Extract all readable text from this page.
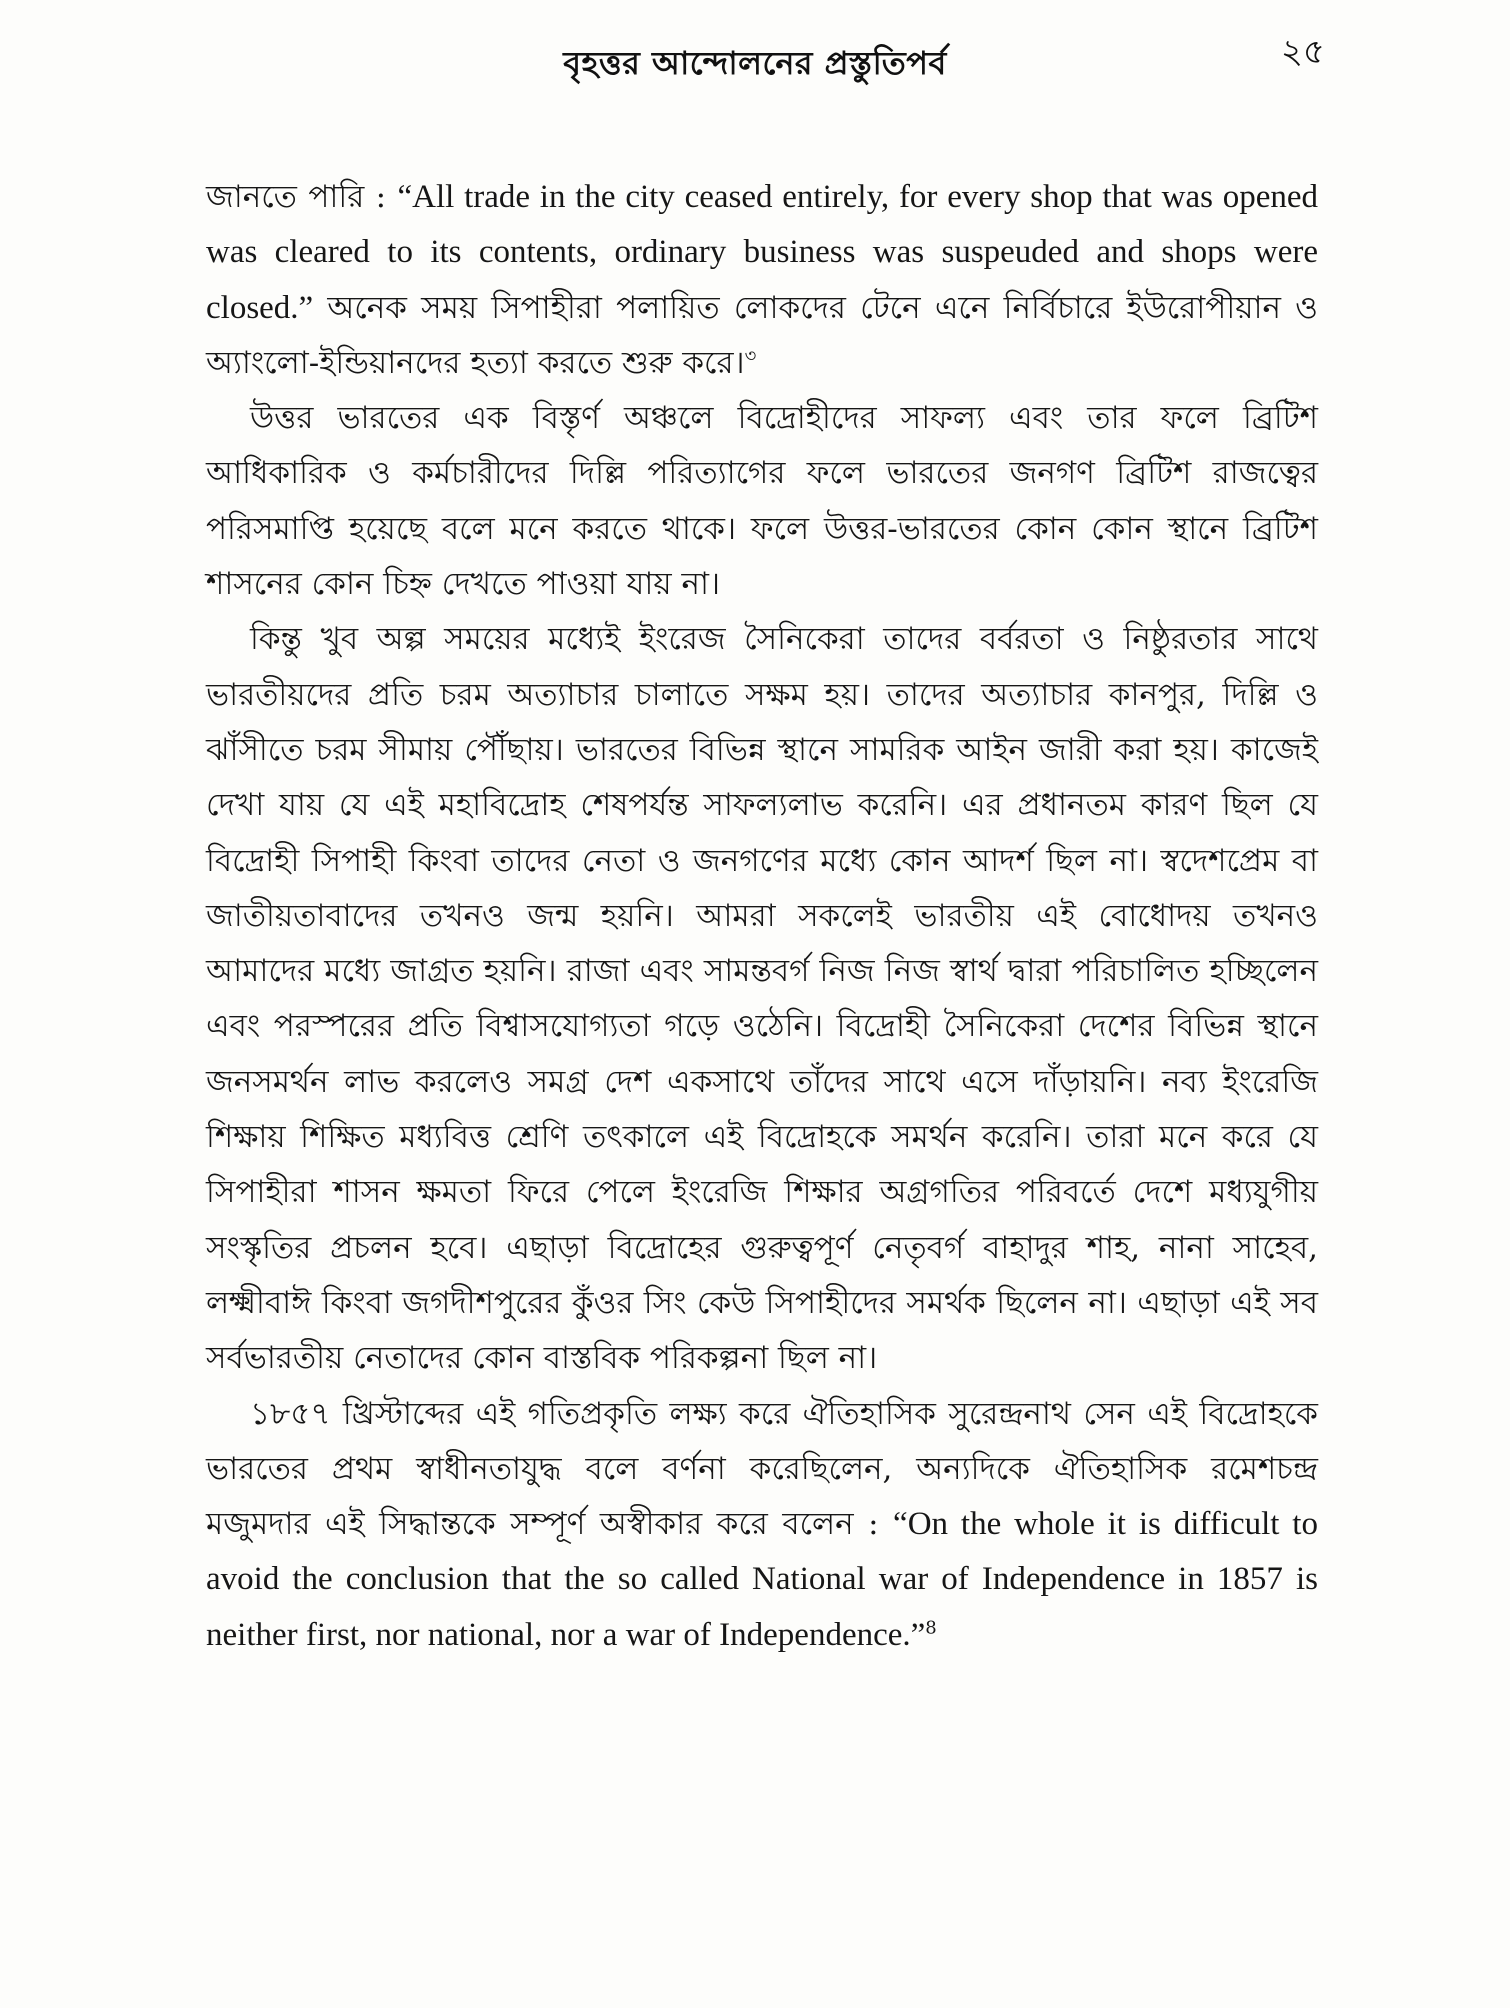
বৃহত্তর আন্দোলনের প্রস্তুতিপর্ব	২৫

জানতে পারি : “All trade in the city ceased entirely, for every shop that was opened was cleared to its contents, ordinary business was suspeuded and shops were closed.” অনেক সময় সিপাহীরা পলায়িত লোকদের টেনে এনে নির্বিচারে ইউরোপীয়ান ও অ্যাংলো-ইন্ডিয়ানদের হত্যা করতে শুরু করে।$^৩$

উত্তর ভারতের এক বিস্তৃর্ণ অঞ্চলে বিদ্রোহীদের সাফল্য এবং তার ফলে ব্রিটিশ আধিকারিক ও কর্মচারীদের দিল্লি পরিত্যাগের ফলে ভারতের জনগণ ব্রিটিশ রাজত্বের পরিসমাপ্তি হয়েছে বলে মনে করতে থাকে। ফলে উত্তর-ভারতের কোন কোন স্থানে ব্রিটিশ শাসনের কোন চিহ্ন দেখতে পাওয়া যায় না।

কিন্তু খুব অল্প সময়ের মধ্যেই ইংরেজ সৈনিকেরা তাদের বর্বরতা ও নিষ্ঠুরতার সাথে ভারতীয়দের প্রতি চরম অত্যাচার চালাতে সক্ষম হয়। তাদের অত্যাচার কানপুর, দিল্লি ও ঝাঁসীতে চরম সীমায় পৌঁছায়। ভারতের বিভিন্ন স্থানে সামরিক আইন জারী করা হয়। কাজেই দেখা যায় যে এই মহাবিদ্রোহ শেষপর্যন্ত সাফল্যলাভ করেনি। এর প্রধানতম কারণ ছিল যে বিদ্রোহী সিপাহী কিংবা তাদের নেতা ও জনগণের মধ্যে কোন আদর্শ ছিল না। স্বদেশপ্রেম বা জাতীয়তাবাদের তখনও জন্ম হয়নি। আমরা সকলেই ভারতীয় এই বোধোদয় তখনও আমাদের মধ্যে জাগ্রত হয়নি। রাজা এবং সামন্তবর্গ নিজ নিজ স্বার্থ দ্বারা পরিচালিত হচ্ছিলেন এবং পরস্পরের প্রতি বিশ্বাসযোগ্যতা গড়ে ওঠেনি। বিদ্রোহী সৈনিকেরা দেশের বিভিন্ন স্থানে জনসমর্থন লাভ করলেও সমগ্র দেশ একসাথে তাঁদের সাথে এসে দাঁড়ায়নি। নব্য ইংরেজি শিক্ষায় শিক্ষিত মধ্যবিত্ত শ্রেণি তৎকালে এই বিদ্রোহকে সমর্থন করেনি। তারা মনে করে যে সিপাহীরা শাসন ক্ষমতা ফিরে পেলে ইংরেজি শিক্ষার অগ্রগতির পরিবর্তে দেশে মধ্যযুগীয় সংস্কৃতির প্রচলন হবে। এছাড়া বিদ্রোহের গুরুত্বপূর্ণ নেতৃবর্গ বাহাদুর শাহ, নানা সাহেব, লক্ষ্মীবাঈ কিংবা জগদীশপুরের কুঁওর সিং কেউ সিপাহীদের সমর্থক ছিলেন না। এছাড়া এই সব সর্বভারতীয় নেতাদের কোন বাস্তবিক পরিকল্পনা ছিল না।

১৮৫৭ খ্রিস্টাব্দের এই গতিপ্রকৃতি লক্ষ্য করে ঐতিহাসিক সুরেন্দ্রনাথ সেন এই বিদ্রোহকে ভারতের প্রথম স্বাধীনতাযুদ্ধ বলে বর্ণনা করেছিলেন, অন্যদিকে ঐতিহাসিক রমেশচন্দ্র মজুমদার এই সিদ্ধান্তকে সম্পূর্ণ অস্বীকার করে বলেন : “On the whole it is difficult to avoid the conclusion that the so called National war of Independence in 1857 is neither first, nor national, nor a war of Independence.”$^8$
